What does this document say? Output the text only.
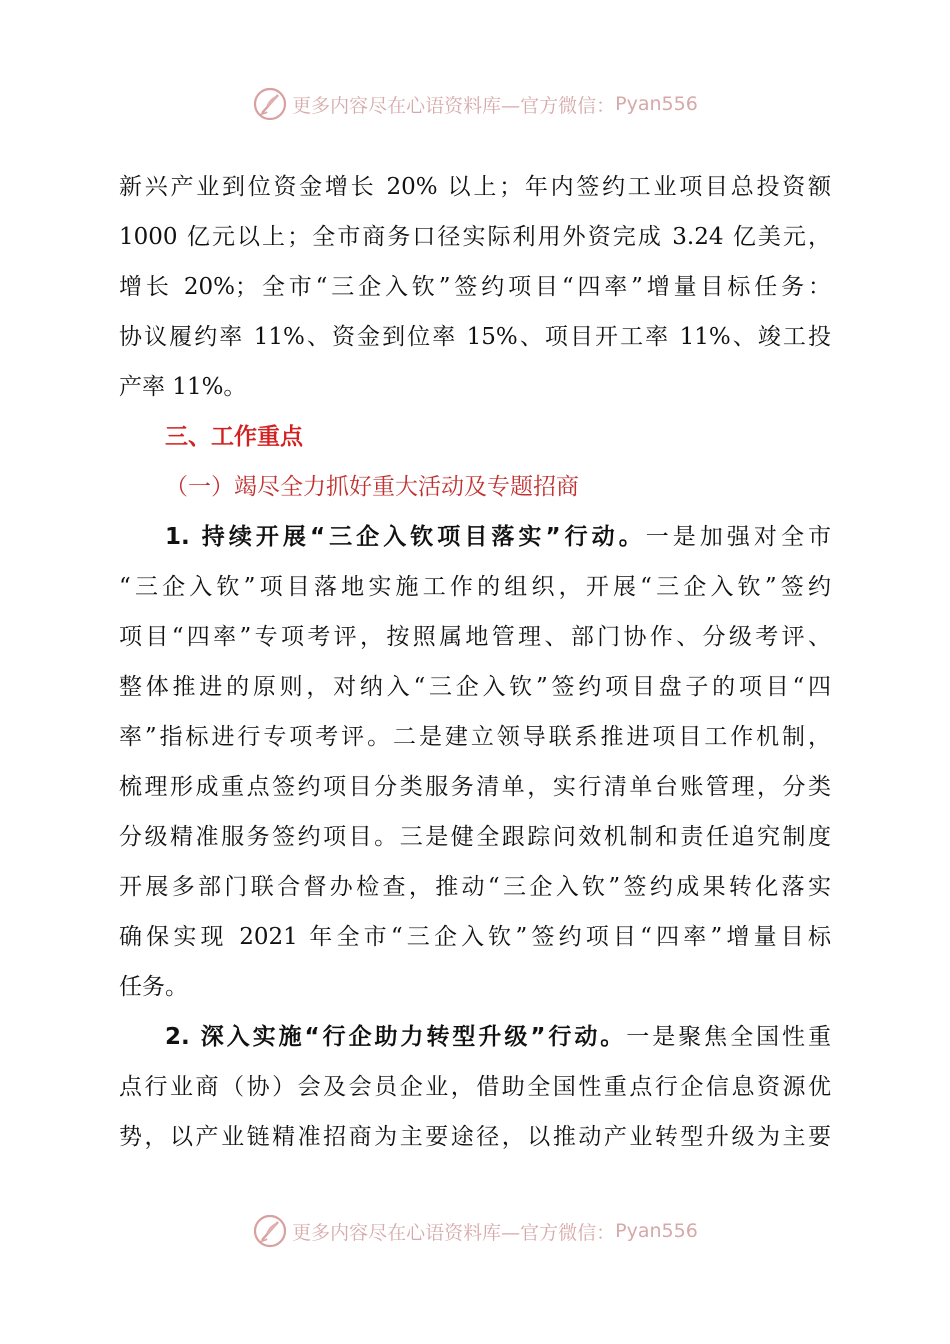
更多内容尽在心语资料库—官方微信： Pyan556
新兴产业到位资金增长 20% 以上；年内签约工业项目总投资额
1000 亿元以上；全市商务口径实际利用外资完成 3.24 亿美元，
增长 20%；全市“三企入钦”签约项目“四率”增量目标任务：
协议履约率 11%、资金到位率 15%、项目开工率 11%、竣工投
产率 11%。
三、工作重点
（一）竭尽全力抓好重大活动及专题招商
1. 持续开展“三企入钦项目落实”行动。一是加强对全市
“三企入钦”项目落地实施工作的组织，开展“三企入钦”签约
项目“四率”专项考评，按照属地管理、部门协作、分级考评、
整体推进的原则，对纳入“三企入钦”签约项目盘子的项目“四
率”指标进行专项考评。二是建立领导联系推进项目工作机制，
梳理形成重点签约项目分类服务清单，实行清单台账管理，分类
分级精准服务签约项目。三是健全跟踪问效机制和责任追究制度
开展多部门联合督办检查，推动“三企入钦”签约成果转化落实
确保实现 2021 年全市“三企入钦”签约项目“四率”增量目标
任务。
2. 深入实施“行企助力转型升级”行动。一是聚焦全国性重
点行业商（协）会及会员企业，借助全国性重点行企信息资源优
势，以产业链精准招商为主要途径，以推动产业转型升级为主要
更多内容尽在心语资料库—官方微信： Pyan556
